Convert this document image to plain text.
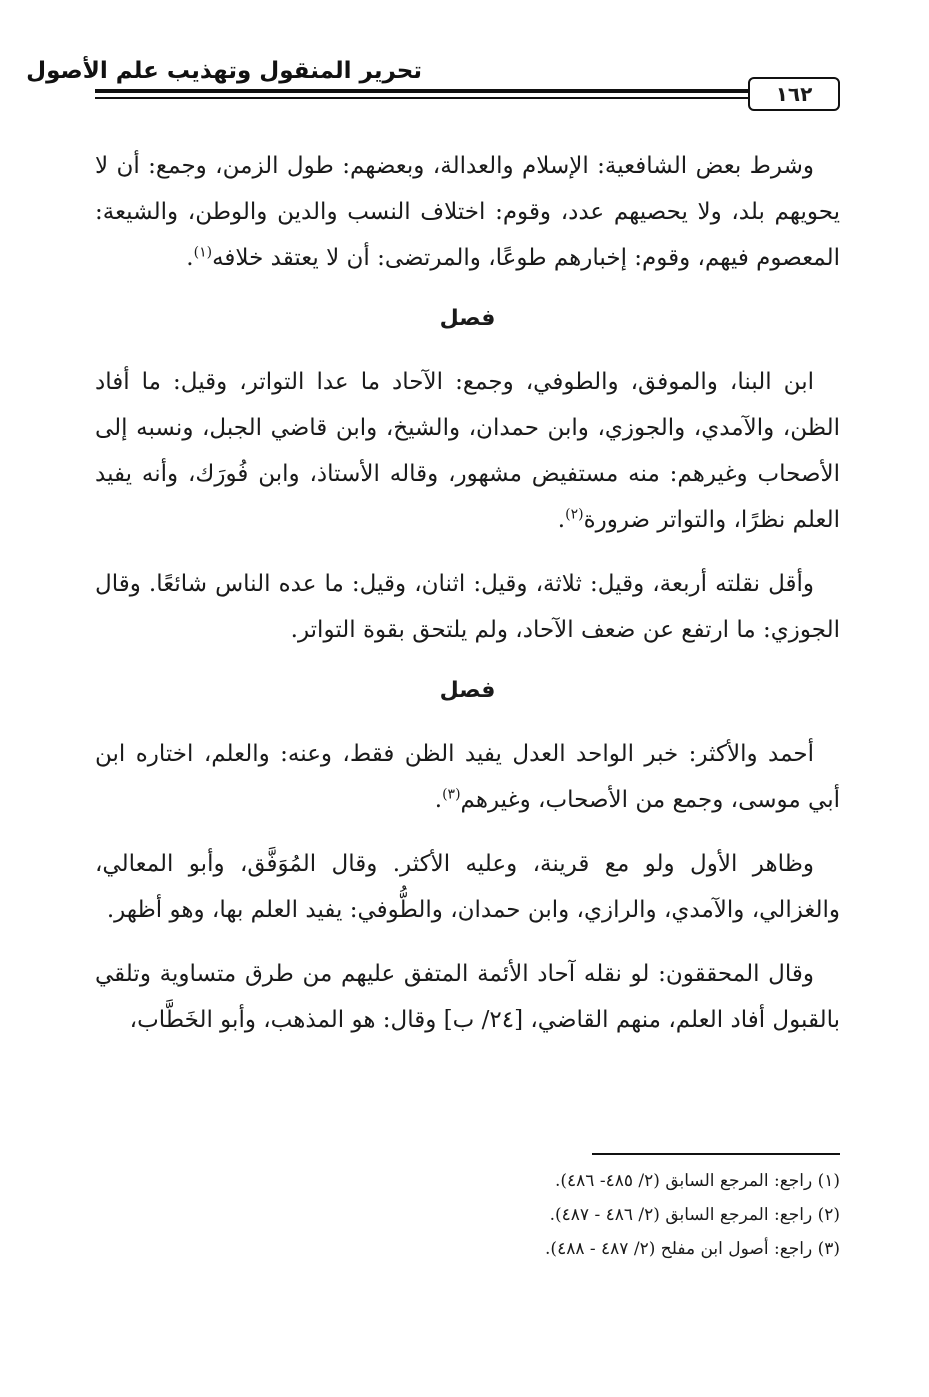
تحرير المنقول وتهذيب علم الأصول
١٦٢

وشرط بعض الشافعية: الإسلام والعدالة، وبعضهم: طول الزمن، وجمع: أن لا يحويهم بلد، ولا يحصيهم عدد، وقوم: اختلاف النسب والدين والوطن، والشيعة: المعصوم فيهم، وقوم: إخبارهم طوعًا، والمرتضى: أن لا يعتقد خلافه$^{(١)}$.

فصل

ابن البنا، والموفق، والطوفي، وجمع: الآحاد ما عدا التواتر، وقيل: ما أفاد الظن، والآمدي، والجوزي، وابن حمدان، والشيخ، وابن قاضي الجبل، ونسبه إلى الأصحاب وغيرهم: منه مستفيض مشهور، وقاله الأستاذ، وابن فُورَك، وأنه يفيد العلم نظرًا، والتواتر ضرورة$^{(٢)}$.

وأقل نقلته أربعة، وقيل: ثلاثة، وقيل: اثنان، وقيل: ما عده الناس شائعًا. وقال الجوزي: ما ارتفع عن ضعف الآحاد، ولم يلتحق بقوة التواتر.

فصل

أحمد والأكثر: خبر الواحد العدل يفيد الظن فقط، وعنه: والعلم، اختاره ابن أبي موسى، وجمع من الأصحاب، وغيرهم$^{(٣)}$.

وظاهر الأول ولو مع قرينة، وعليه الأكثر. وقال المُوَفَّق، وأبو المعالي، والغزالي، والآمدي، والرازي، وابن حمدان، والطُّوفي: يفيد العلم بها، وهو أظهر.

وقال المحققون: لو نقله آحاد الأئمة المتفق عليهم من طرق متساوية وتلقي بالقبول أفاد العلم، منهم القاضي، [٢٤/ ب] وقال: هو المذهب، وأبو الخَطَّاب،

(١) راجع: المرجع السابق (٢/ ٤٨٥- ٤٨٦).

(٢) راجع: المرجع السابق (٢/ ٤٨٦ - ٤٨٧).

(٣) راجع: أصول ابن مفلح (٢/ ٤٨٧ - ٤٨٨).
